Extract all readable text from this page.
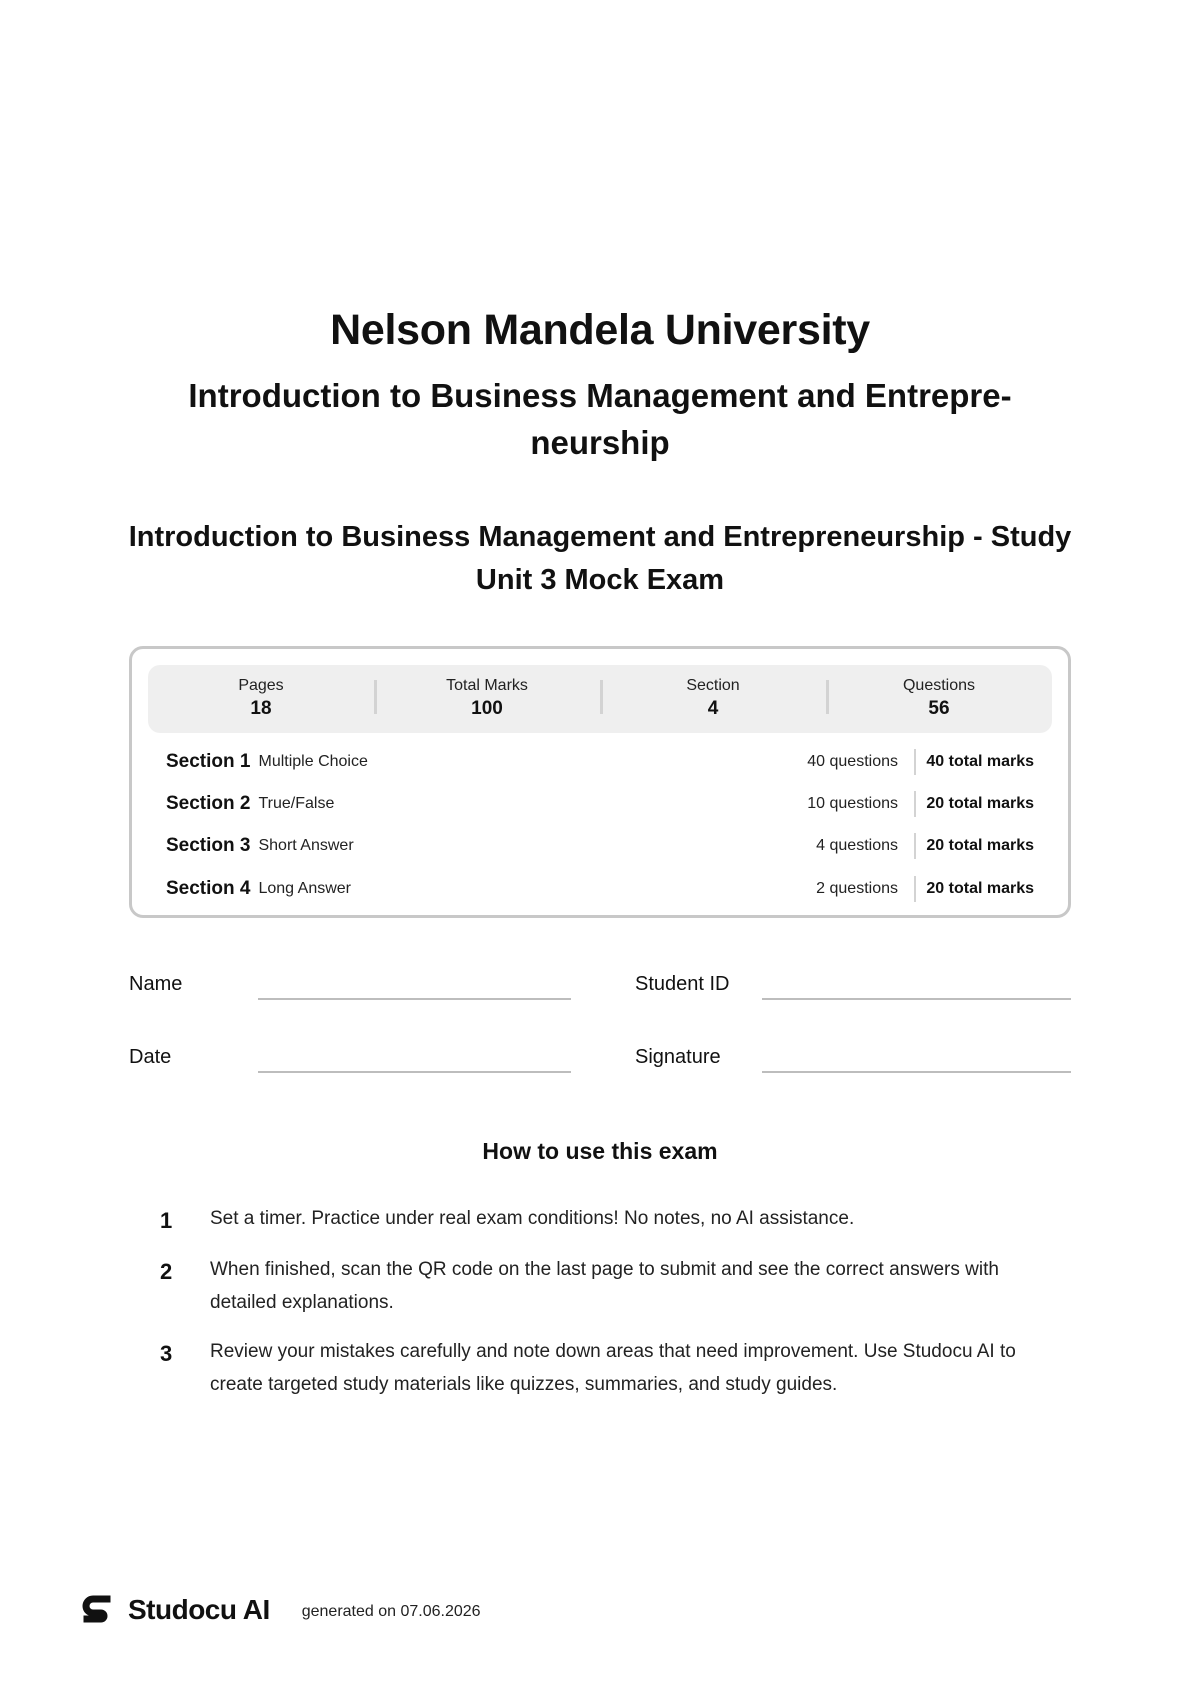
Nelson Mandela University
Introduction to Business Management and Entrepre- neurship
Introduction to Business Management and Entrepreneurship - Study Unit 3 Mock Exam
Pages
18
Total Marks
100
Section
4
Questions
56
Section 1 Multiple Choice	40 questions	40 total marks
Section 2 True/False	10 questions	20 total marks
Section 3 Short Answer	4 questions	20 total marks
Section 4 Long Answer	2 questions	20 total marks
Name	Student ID
Date	Signature
How to use this exam
1	Set a timer. Practice under real exam conditions! No notes, no AI assistance.
2	When finished, scan the QR code on the last page to submit and see the correct answers with detailed explanations.
3	Review your mistakes carefully and note down areas that need improvement. Use Studocu AI to create targeted study materials like quizzes, summaries, and study guides.
Studocu AI generated on 07.06.2026
